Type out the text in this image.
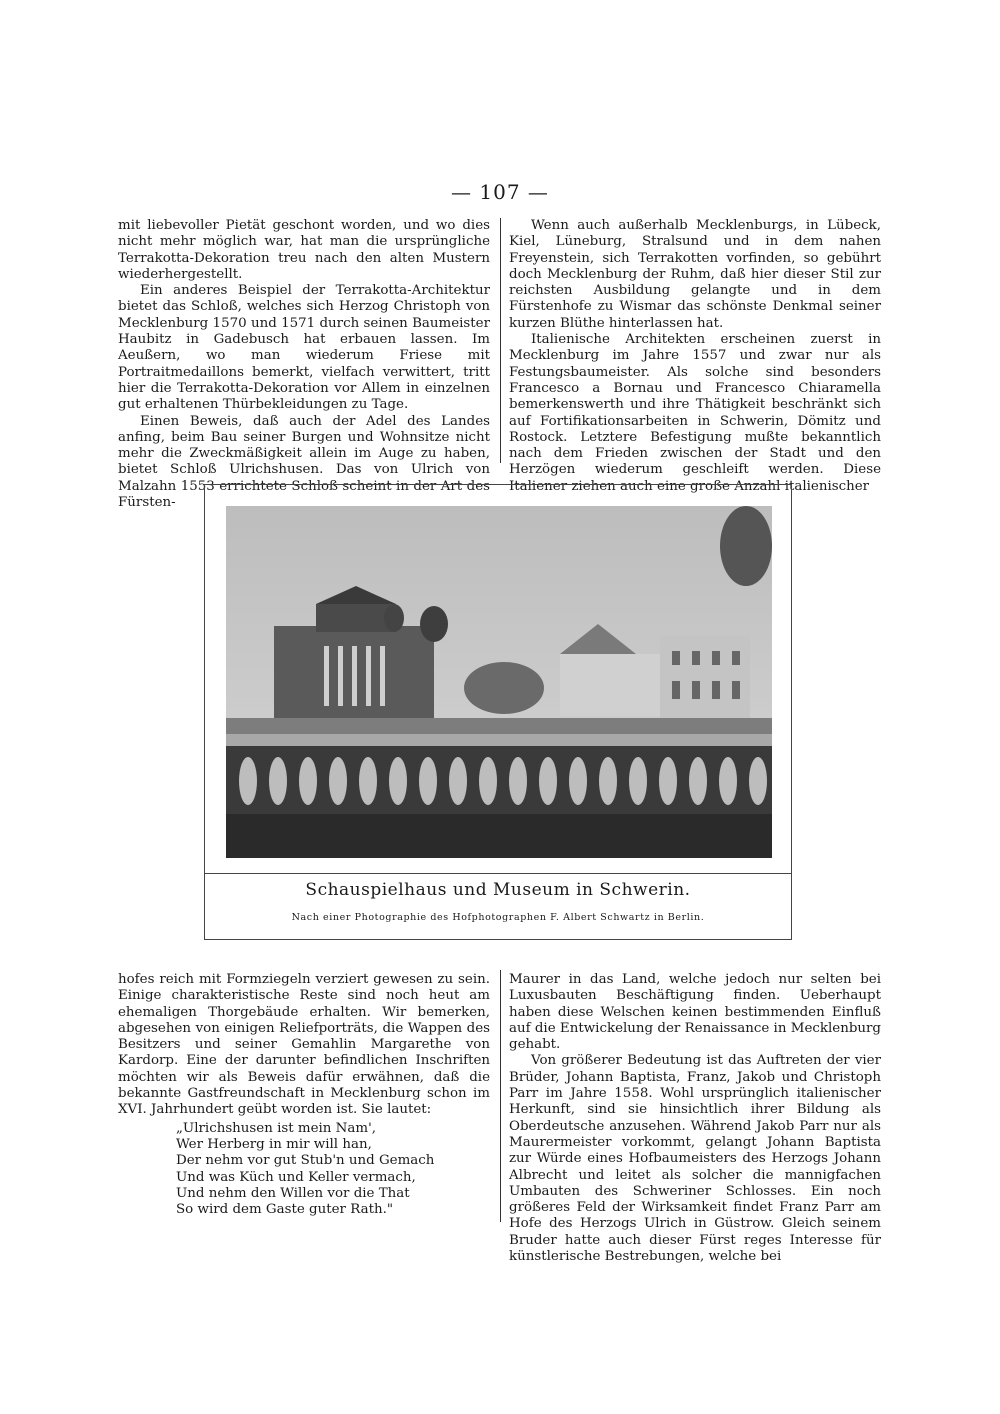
— 107 —

mit liebevoller Pietät geschont worden, und wo dies nicht mehr möglich war, hat man die ursprüngliche Terrakotta-Dekoration treu nach den alten Mustern wiederhergestellt.

Ein anderes Beispiel der Terrakotta-Architektur bietet das Schloß, welches sich Herzog Christoph von Mecklenburg 1570 und 1571 durch seinen Baumeister Haubitz in Gadebusch hat erbauen lassen. Im Aeußern, wo man wiederum Friese mit Portraitmedaillons bemerkt, vielfach verwittert, tritt hier die Terrakotta-Dekoration vor Allem in einzelnen gut erhaltenen Thürbekleidungen zu Tage.

Einen Beweis, daß auch der Adel des Landes anfing, beim Bau seiner Burgen und Wohnsitze nicht mehr die Zweckmäßigkeit allein im Auge zu haben, bietet Schloß Ulrichshusen. Das von Ulrich von Malzahn 1553 errichtete Schloß scheint in der Art des Fürsten-

Wenn auch außerhalb Mecklenburgs, in Lübeck, Kiel, Lüneburg, Stralsund und in dem nahen Freyenstein, sich Terrakotten vorfinden, so gebührt doch Mecklenburg der Ruhm, daß hier dieser Stil zur reichsten Ausbildung gelangte und in dem Fürstenhofe zu Wismar das schönste Denkmal seiner kurzen Blüthe hinterlassen hat.

Italienische Architekten erscheinen zuerst in Mecklenburg im Jahre 1557 und zwar nur als Festungsbaumeister. Als solche sind besonders Francesco a Bornau und Francesco Chiaramella bemerkenswerth und ihre Thätigkeit beschränkt sich auf Fortifikationsarbeiten in Schwerin, Dömitz und Rostock. Letztere Befestigung mußte bekanntlich nach dem Frieden zwischen der Stadt und den Herzögen wiederum geschleift werden. Diese Italiener ziehen auch eine große Anzahl italienischer

Schauspielhaus und Museum in Schwerin.
Nach einer Photographie des Hofphotographen F. Albert Schwartz in Berlin.

hofes reich mit Formziegeln verziert gewesen zu sein. Einige charakteristische Reste sind noch heut am ehemaligen Thorgebäude erhalten. Wir bemerken, abgesehen von einigen Reliefporträts, die Wappen des Besitzers und seiner Gemahlin Margarethe von Kardorp. Eine der darunter befindlichen Inschriften möchten wir als Beweis dafür erwähnen, daß die bekannte Gastfreundschaft in Mecklenburg schon im XVI. Jahrhundert geübt worden ist. Sie lautet:

„Ulrichshusen ist mein Nam',
Wer Herberg in mir will han,
Der nehm vor gut Stub'n und Gemach
Und was Küch und Keller vermach,
Und nehm den Willen vor die That
So wird dem Gaste guter Rath."

Maurer in das Land, welche jedoch nur selten bei Luxusbauten Beschäftigung finden. Ueberhaupt haben diese Welschen keinen bestimmenden Einfluß auf die Entwickelung der Renaissance in Mecklenburg gehabt.

Von größerer Bedeutung ist das Auftreten der vier Brüder, Johann Baptista, Franz, Jakob und Christoph Parr im Jahre 1558. Wohl ursprünglich italienischer Herkunft, sind sie hinsichtlich ihrer Bildung als Oberdeutsche anzusehen. Während Jakob Parr nur als Maurermeister vorkommt, gelangt Johann Baptista zur Würde eines Hofbaumeisters des Herzogs Johann Albrecht und leitet als solcher die mannigfachen Umbauten des Schweriner Schlosses. Ein noch größeres Feld der Wirksamkeit findet Franz Parr am Hofe des Herzogs Ulrich in Güstrow. Gleich seinem Bruder hatte auch dieser Fürst reges Interesse für künstlerische Bestrebungen, welche bei
